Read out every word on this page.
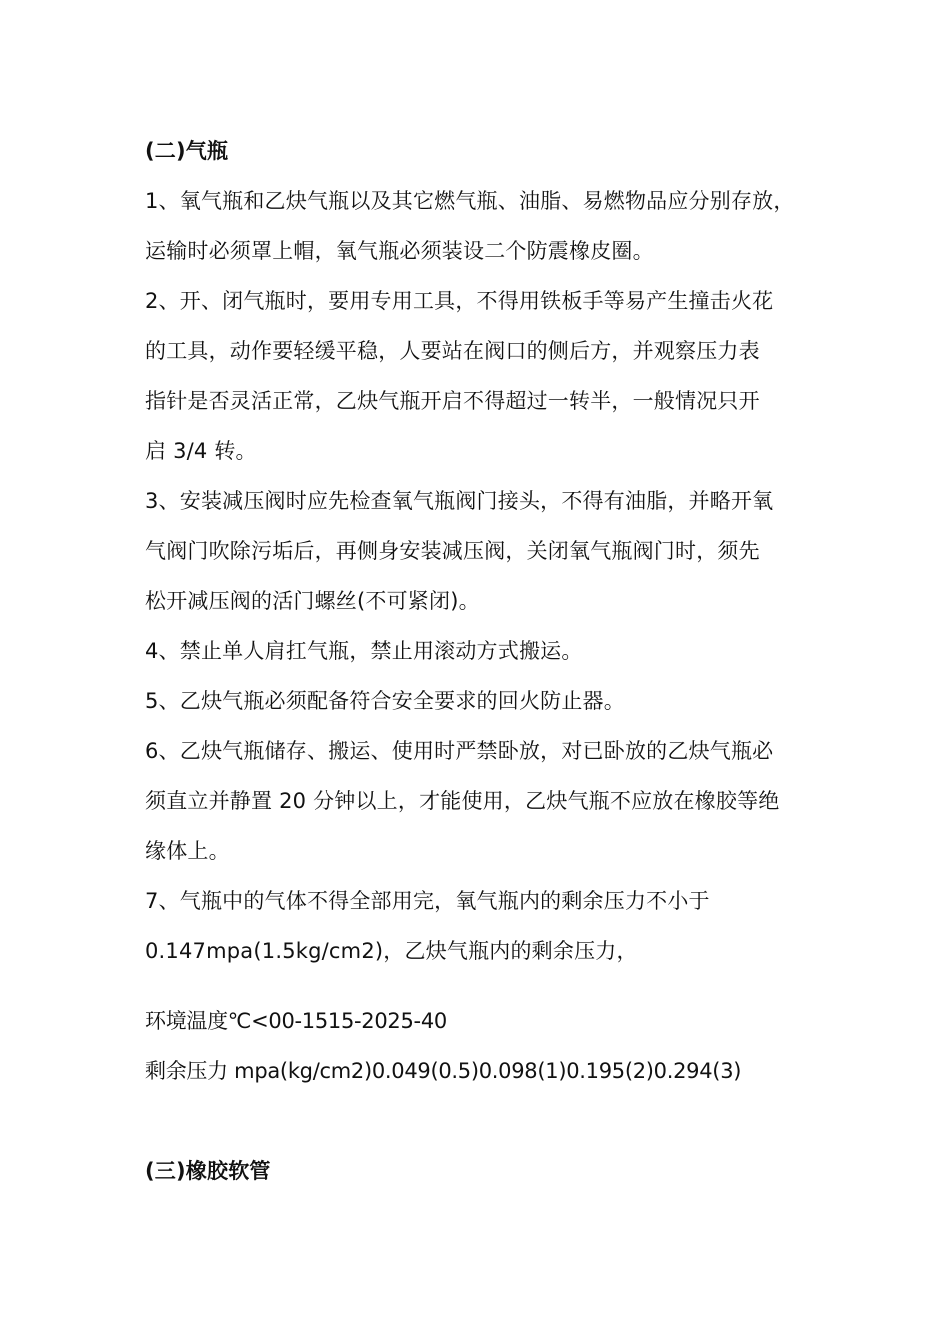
(二)气瓶
1、氧气瓶和乙炔气瓶以及其它燃气瓶、油脂、易燃物品应分别存放，
运输时必须罩上帽，氧气瓶必须装设二个防震橡皮圈。
2、开、闭气瓶时，要用专用工具，不得用铁板手等易产生撞击火花
的工具，动作要轻缓平稳，人要站在阀口的侧后方，并观察压力表
指针是否灵活正常，乙炔气瓶开启不得超过一转半，一般情况只开
启 3/4 转。
3、安装减压阀时应先检查氧气瓶阀门接头，不得有油脂，并略开氧
气阀门吹除污垢后，再侧身安装减压阀，关闭氧气瓶阀门时，须先
松开减压阀的活门螺丝(不可紧闭)。
4、禁止单人肩扛气瓶，禁止用滚动方式搬运。
5、乙炔气瓶必须配备符合安全要求的回火防止器。
6、乙炔气瓶储存、搬运、使用时严禁卧放，对已卧放的乙炔气瓶必
须直立并静置 20 分钟以上，才能使用，乙炔气瓶不应放在橡胶等绝
缘体上。
7、气瓶中的气体不得全部用完，氧气瓶内的剩余压力不小于
0.147mpa(1.5kg/cm2)，乙炔气瓶内的剩余压力，
环境温度℃<00-1515-2025-40
剩余压力 mpa(kg/cm2)0.049(0.5)0.098(1)0.195(2)0.294(3)
(三)橡胶软管
